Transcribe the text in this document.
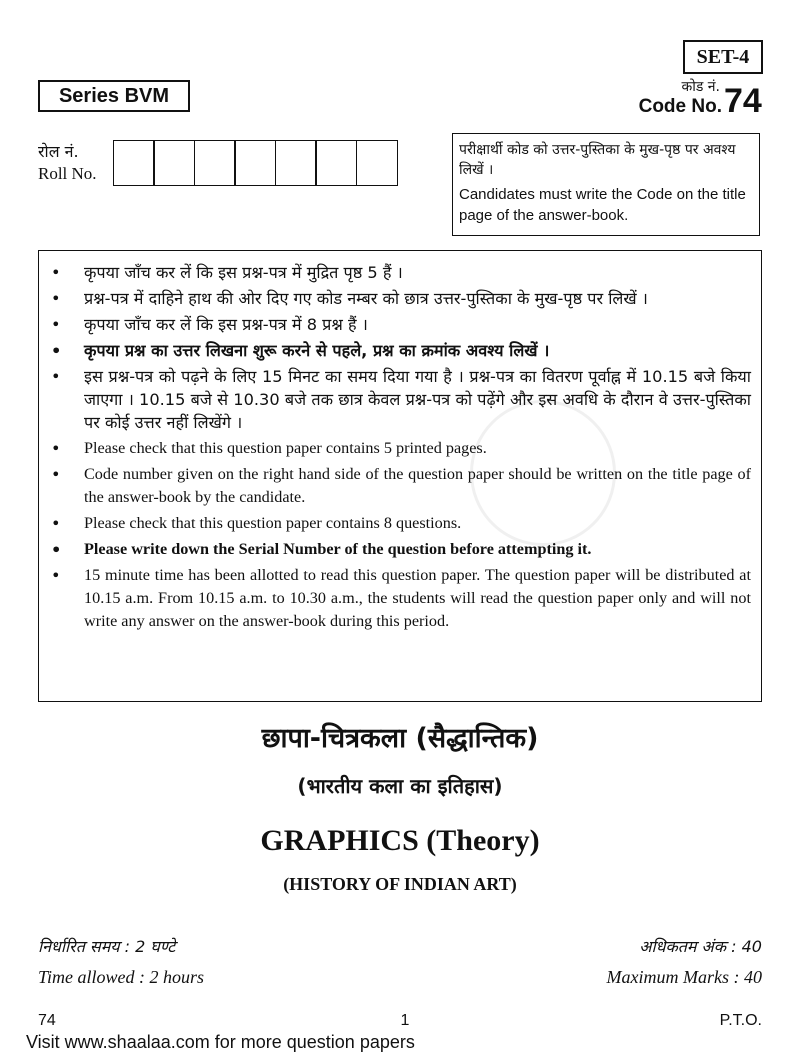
SET-4
Series BVM	कोड नं.
Code No. 74
रोल नं.
Roll No.

परीक्षार्थी कोड को उत्तर-पुस्तिका के मुख-पृष्ठ पर अवश्य लिखें ।

Candidates must write the Code on the title page of the answer-book.

•	कृपया जाँच कर लें कि इस प्रश्न-पत्र में मुद्रित पृष्ठ 5 हैं ।
•	प्रश्न-पत्र में दाहिने हाथ की ओर दिए गए कोड नम्बर को छात्र उत्तर-पुस्तिका के मुख-पृष्ठ पर लिखें ।
•	कृपया जाँच कर लें कि इस प्रश्न-पत्र में 8 प्रश्न हैं ।
•	कृपया प्रश्न का उत्तर लिखना शुरू करने से पहले, प्रश्न का क्रमांक अवश्य लिखें ।
•	इस प्रश्न-पत्र को पढ़ने के लिए 15 मिनट का समय दिया गया है । प्रश्न-पत्र का वितरण पूर्वाह्न में 10.15 बजे किया जाएगा । 10.15 बजे से 10.30 बजे तक छात्र केवल प्रश्न-पत्र को पढ़ेंगे और इस अवधि के दौरान वे उत्तर-पुस्तिका पर कोई उत्तर नहीं लिखेंगे ।
•	Please check that this question paper contains 5 printed pages.
•	Code number given on the right hand side of the question paper should be written on the title page of the answer-book by the candidate.
•	Please check that this question paper contains 8 questions.
•	Please write down the Serial Number of the question before attempting it.
•	15 minute time has been allotted to read this question paper. The question paper will be distributed at 10.15 a.m. From 10.15 a.m. to 10.30 a.m., the students will read the question paper only and will not write any answer on the answer-book during this period.
छापा-चित्रकला (सैद्धान्तिक)
(भारतीय कला का इतिहास)
GRAPHICS (Theory)
(HISTORY OF INDIAN ART)
निर्धारित समय : 2 घण्टे
Time allowed : 2 hours
अधिकतम अंक : 40
Maximum Marks : 40
74	1	P.T.O.
Visit www.shaalaa.com for more question papers
